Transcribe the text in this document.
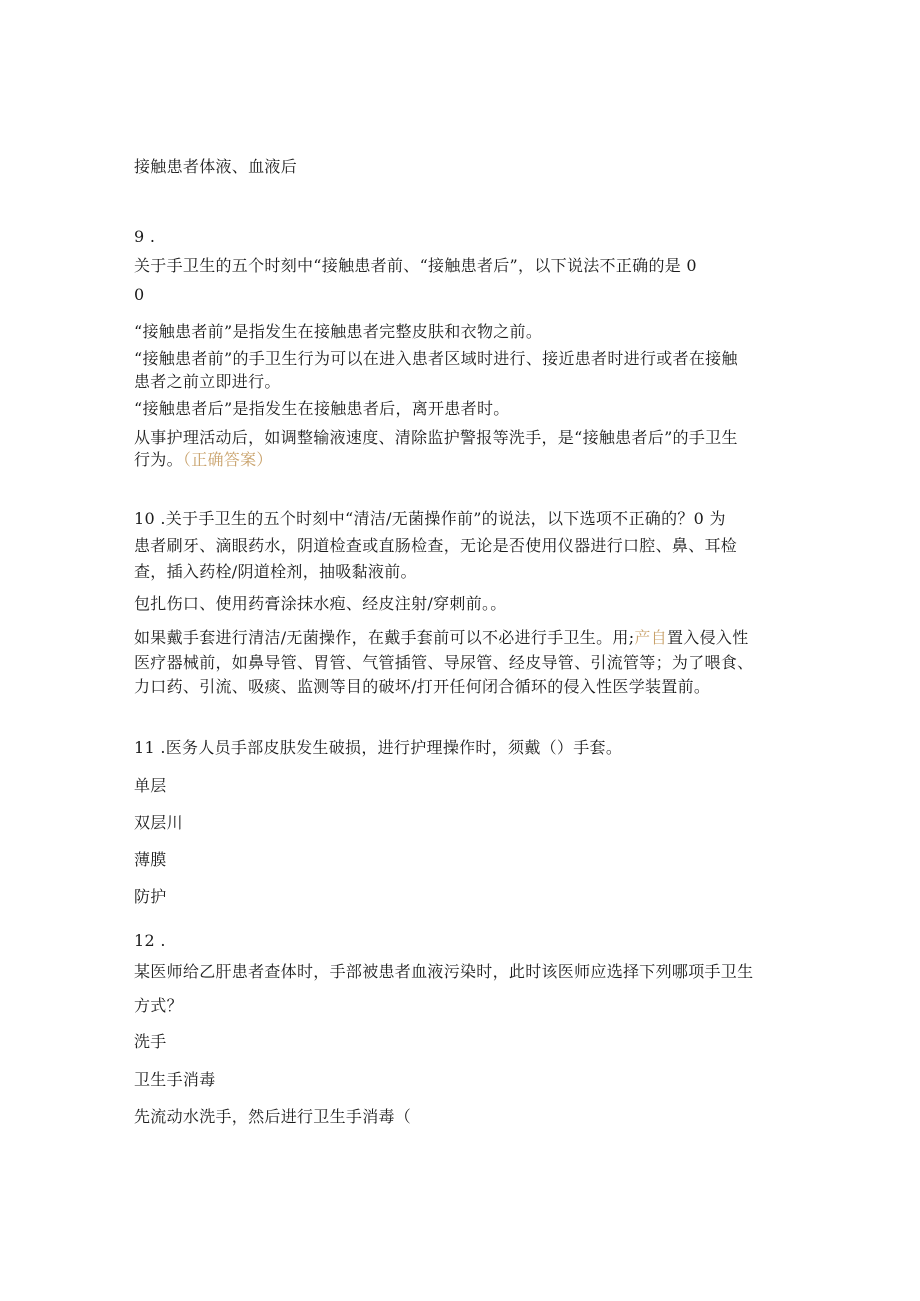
接触患者体液、血液后
9 .
关于手卫生的五个时刻中“接触患者前、“接触患者后”，以下说法不正确的是 0
0
“接触患者前”是指发生在接触患者完整皮肤和衣物之前。
“接触患者前”的手卫生行为可以在进入患者区域时进行、接近患者时进行或者在接触
患者之前立即进行。
“接触患者后”是指发生在接触患者后，离开患者时。
从事护理活动后，如调整输液速度、清除监护警报等洗手，是“接触患者后”的手卫生
行为。（正确答案）
10 .关于手卫生的五个时刻中“清洁/无菌操作前”的说法，以下选项不正确的？0 为
患者刷牙、滴眼药水，阴道检查或直肠检查，无论是否使用仪器进行口腔、鼻、耳检
查，插入药栓/阴道栓剂，抽吸黏液前。
包扎伤口、使用药膏涂抹水疱、经皮注射/穿刺前。。
如果戴手套进行清洁/无菌操作，在戴手套前可以不必进行手卫生。用;产自置入侵入性
医疗器械前，如鼻导管、胃管、气管插管、导尿管、经皮导管、引流管等；为了喂食、
力口药、引流、吸痰、监测等目的破坏/打开任何闭合循环的侵入性医学装置前。
11 .医务人员手部皮肤发生破损，进行护理操作时，须戴（）手套。
单层
双层川
薄膜
防护
12 .
某医师给乙肝患者查体时，手部被患者血液污染时，此时该医师应选择下列哪项手卫生
方式？
洗手
卫生手消毒
先流动水洗手，然后进行卫生手消毒（
